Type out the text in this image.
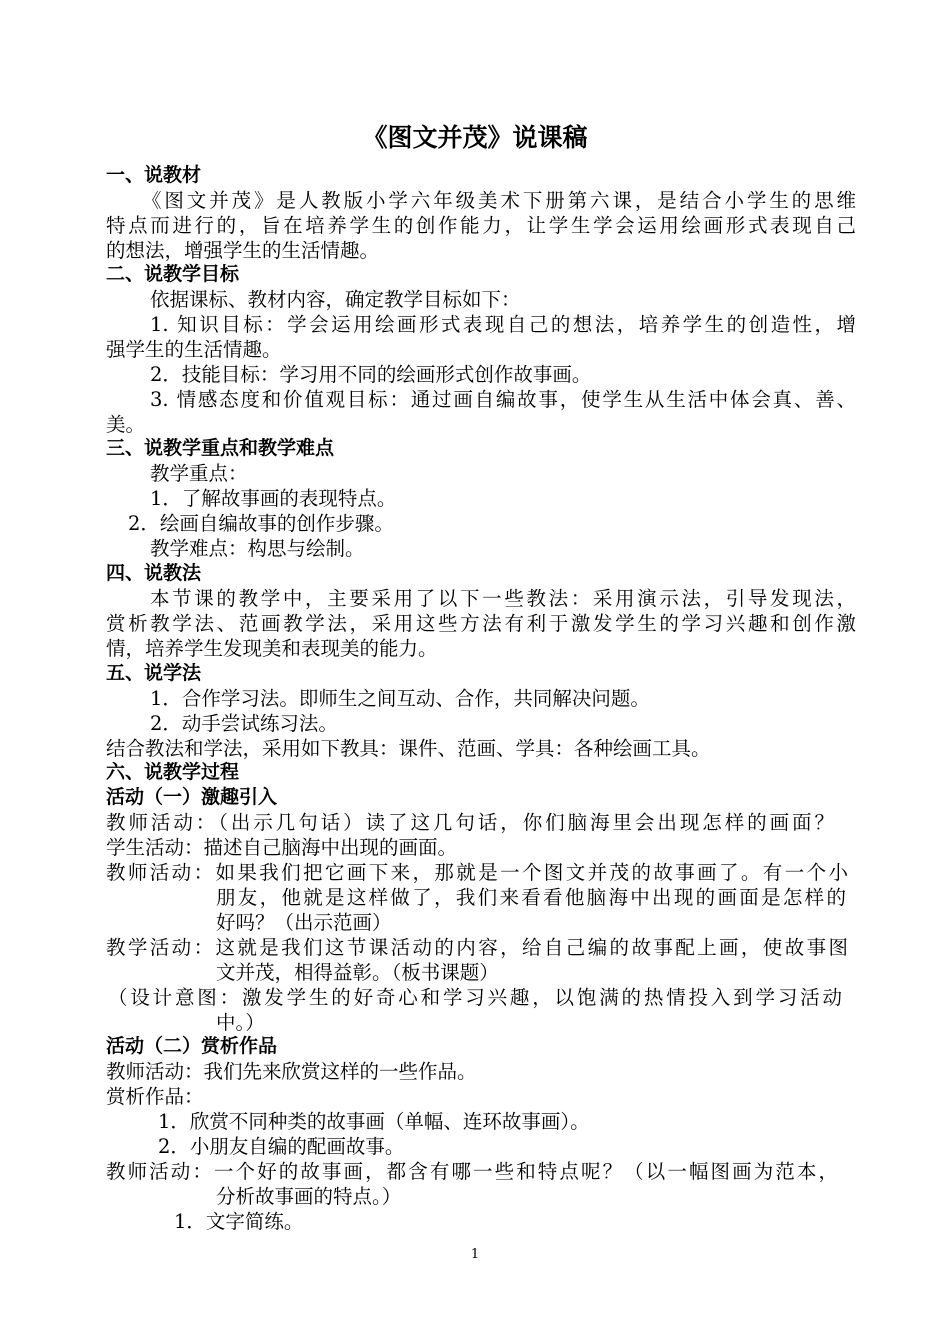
《图文并茂》说课稿
一、说教材
《图文并茂》是人教版小学六年级美术下册第六课，是结合小学生的思维
特点而进行的，旨在培养学生的创作能力，让学生学会运用绘画形式表现自己
的想法，增强学生的生活情趣。
二、说教学目标
依据课标、教材内容，确定教学目标如下：
1. 知识目标：学会运用绘画形式表现自己的想法，培养学生的创造性，增
强学生的生活情趣。
2．技能目标：学习用不同的绘画形式创作故事画。
3. 情感态度和价值观目标：通过画自编故事，使学生从生活中体会真、善、
美。
三、说教学重点和教学难点
教学重点：
1．了解故事画的表现特点。
2．绘画自编故事的创作步骤。
教学难点：构思与绘制。
四、说教法
本节课的教学中，主要采用了以下一些教法：采用演示法，引导发现法，
赏析教学法、范画教学法，采用这些方法有利于激发学生的学习兴趣和创作激
情，培养学生发现美和表现美的能力。
五、说学法
1．合作学习法。即师生之间互动、合作，共同解决问题。
2．动手尝试练习法。
结合教法和学法，采用如下教具：课件、范画、学具：各种绘画工具。
六、说教学过程
活动（一）激趣引入
教师活动：（出示几句话）读了这几句话，你们脑海里会出现怎样的画面？
学生活动：描述自己脑海中出现的画面。
教师活动：如果我们把它画下来，那就是一个图文并茂的故事画了。有一个小
朋友，他就是这样做了，我们来看看他脑海中出现的画面是怎样的
好吗？（出示范画）
教学活动：这就是我们这节课活动的内容，给自己编的故事配上画，使故事图
文并茂，相得益彰。（板书课题）
（设计意图：激发学生的好奇心和学习兴趣，以饱满的热情投入到学习活动
中。）
活动（二）赏析作品
教师活动：我们先来欣赏这样的一些作品。
赏析作品：
1．欣赏不同种类的故事画（单幅、连环故事画）。
2．小朋友自编的配画故事。
教师活动：一个好的故事画，都含有哪一些和特点呢？（以一幅图画为范本，
分析故事画的特点。）
1．文字简练。
1
